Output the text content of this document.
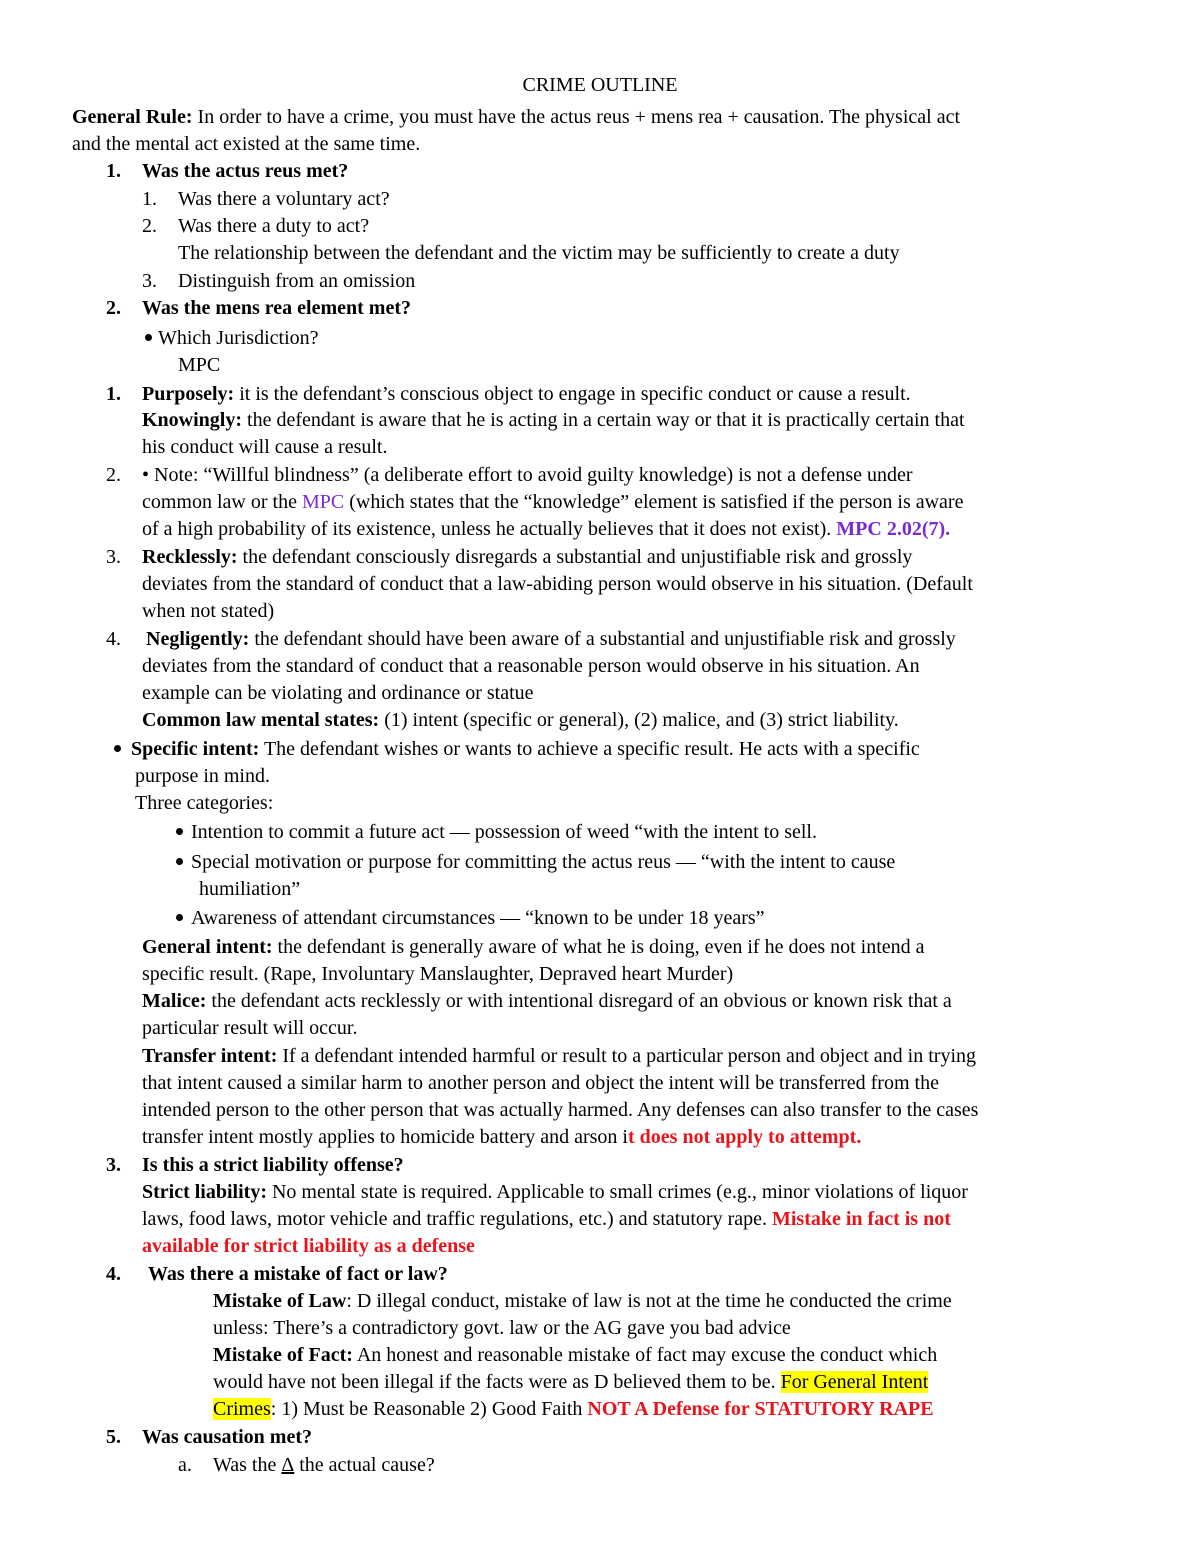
CRIME OUTLINE
General Rule: In order to have a crime, you must have the actus reus + mens rea + causation. The physical act
and the mental act existed at the same time.
1. Was the actus reus met?
1. Was there a voluntary act?
2. Was there a duty to act?
The relationship between the defendant and the victim may be sufficiently to create a duty
3. Distinguish from an omission
2. Was the mens rea element met?
Which Jurisdiction?
MPC
1. Purposely: it is the defendant’s conscious object to engage in specific conduct or cause a result.
Knowingly: the defendant is aware that he is acting in a certain way or that it is practically certain that
his conduct will cause a result.
2. • Note: “Willful blindness” (a deliberate effort to avoid guilty knowledge) is not a defense under
common law or the MPC (which states that the “knowledge” element is satisfied if the person is aware
of a high probability of its existence, unless he actually believes that it does not exist). MPC 2.02(7).
3. Recklessly: the defendant consciously disregards a substantial and unjustifiable risk and grossly
deviates from the standard of conduct that a law-abiding person would observe in his situation. (Default
when not stated)
4. Negligently: the defendant should have been aware of a substantial and unjustifiable risk and grossly
deviates from the standard of conduct that a reasonable person would observe in his situation. An
example can be violating and ordinance or statue
Common law mental states: (1) intent (specific or general), (2) malice, and (3) strict liability.
Specific intent: The defendant wishes or wants to achieve a specific result. He acts with a specific
purpose in mind.
Three categories:
Intention to commit a future act — possession of weed “with the intent to sell.
Special motivation or purpose for committing the actus reus — “with the intent to cause
humiliation”
Awareness of attendant circumstances — “known to be under 18 years”
General intent: the defendant is generally aware of what he is doing, even if he does not intend a
specific result. (Rape, Involuntary Manslaughter, Depraved heart Murder)
Malice: the defendant acts recklessly or with intentional disregard of an obvious or known risk that a
particular result will occur.
Transfer intent: If a defendant intended harmful or result to a particular person and object and in trying
that intent caused a similar harm to another person and object the intent will be transferred from the
intended person to the other person that was actually harmed. Any defenses can also transfer to the cases
transfer intent mostly applies to homicide battery and arson it does not apply to attempt.
3. Is this a strict liability offense?
Strict liability: No mental state is required. Applicable to small crimes (e.g., minor violations of liquor
laws, food laws, motor vehicle and traffic regulations, etc.) and statutory rape. Mistake in fact is not
available for strict liability as a defense
4. Was there a mistake of fact or law?
Mistake of Law: D illegal conduct, mistake of law is not at the time he conducted the crime
unless: There’s a contradictory govt. law or the AG gave you bad advice
Mistake of Fact: An honest and reasonable mistake of fact may excuse the conduct which
would have not been illegal if the facts were as D believed them to be. For General Intent
Crimes: 1) Must be Reasonable 2) Good Faith NOT A Defense for STATUTORY RAPE
5. Was causation met?
a. Was the Δ the actual cause?
